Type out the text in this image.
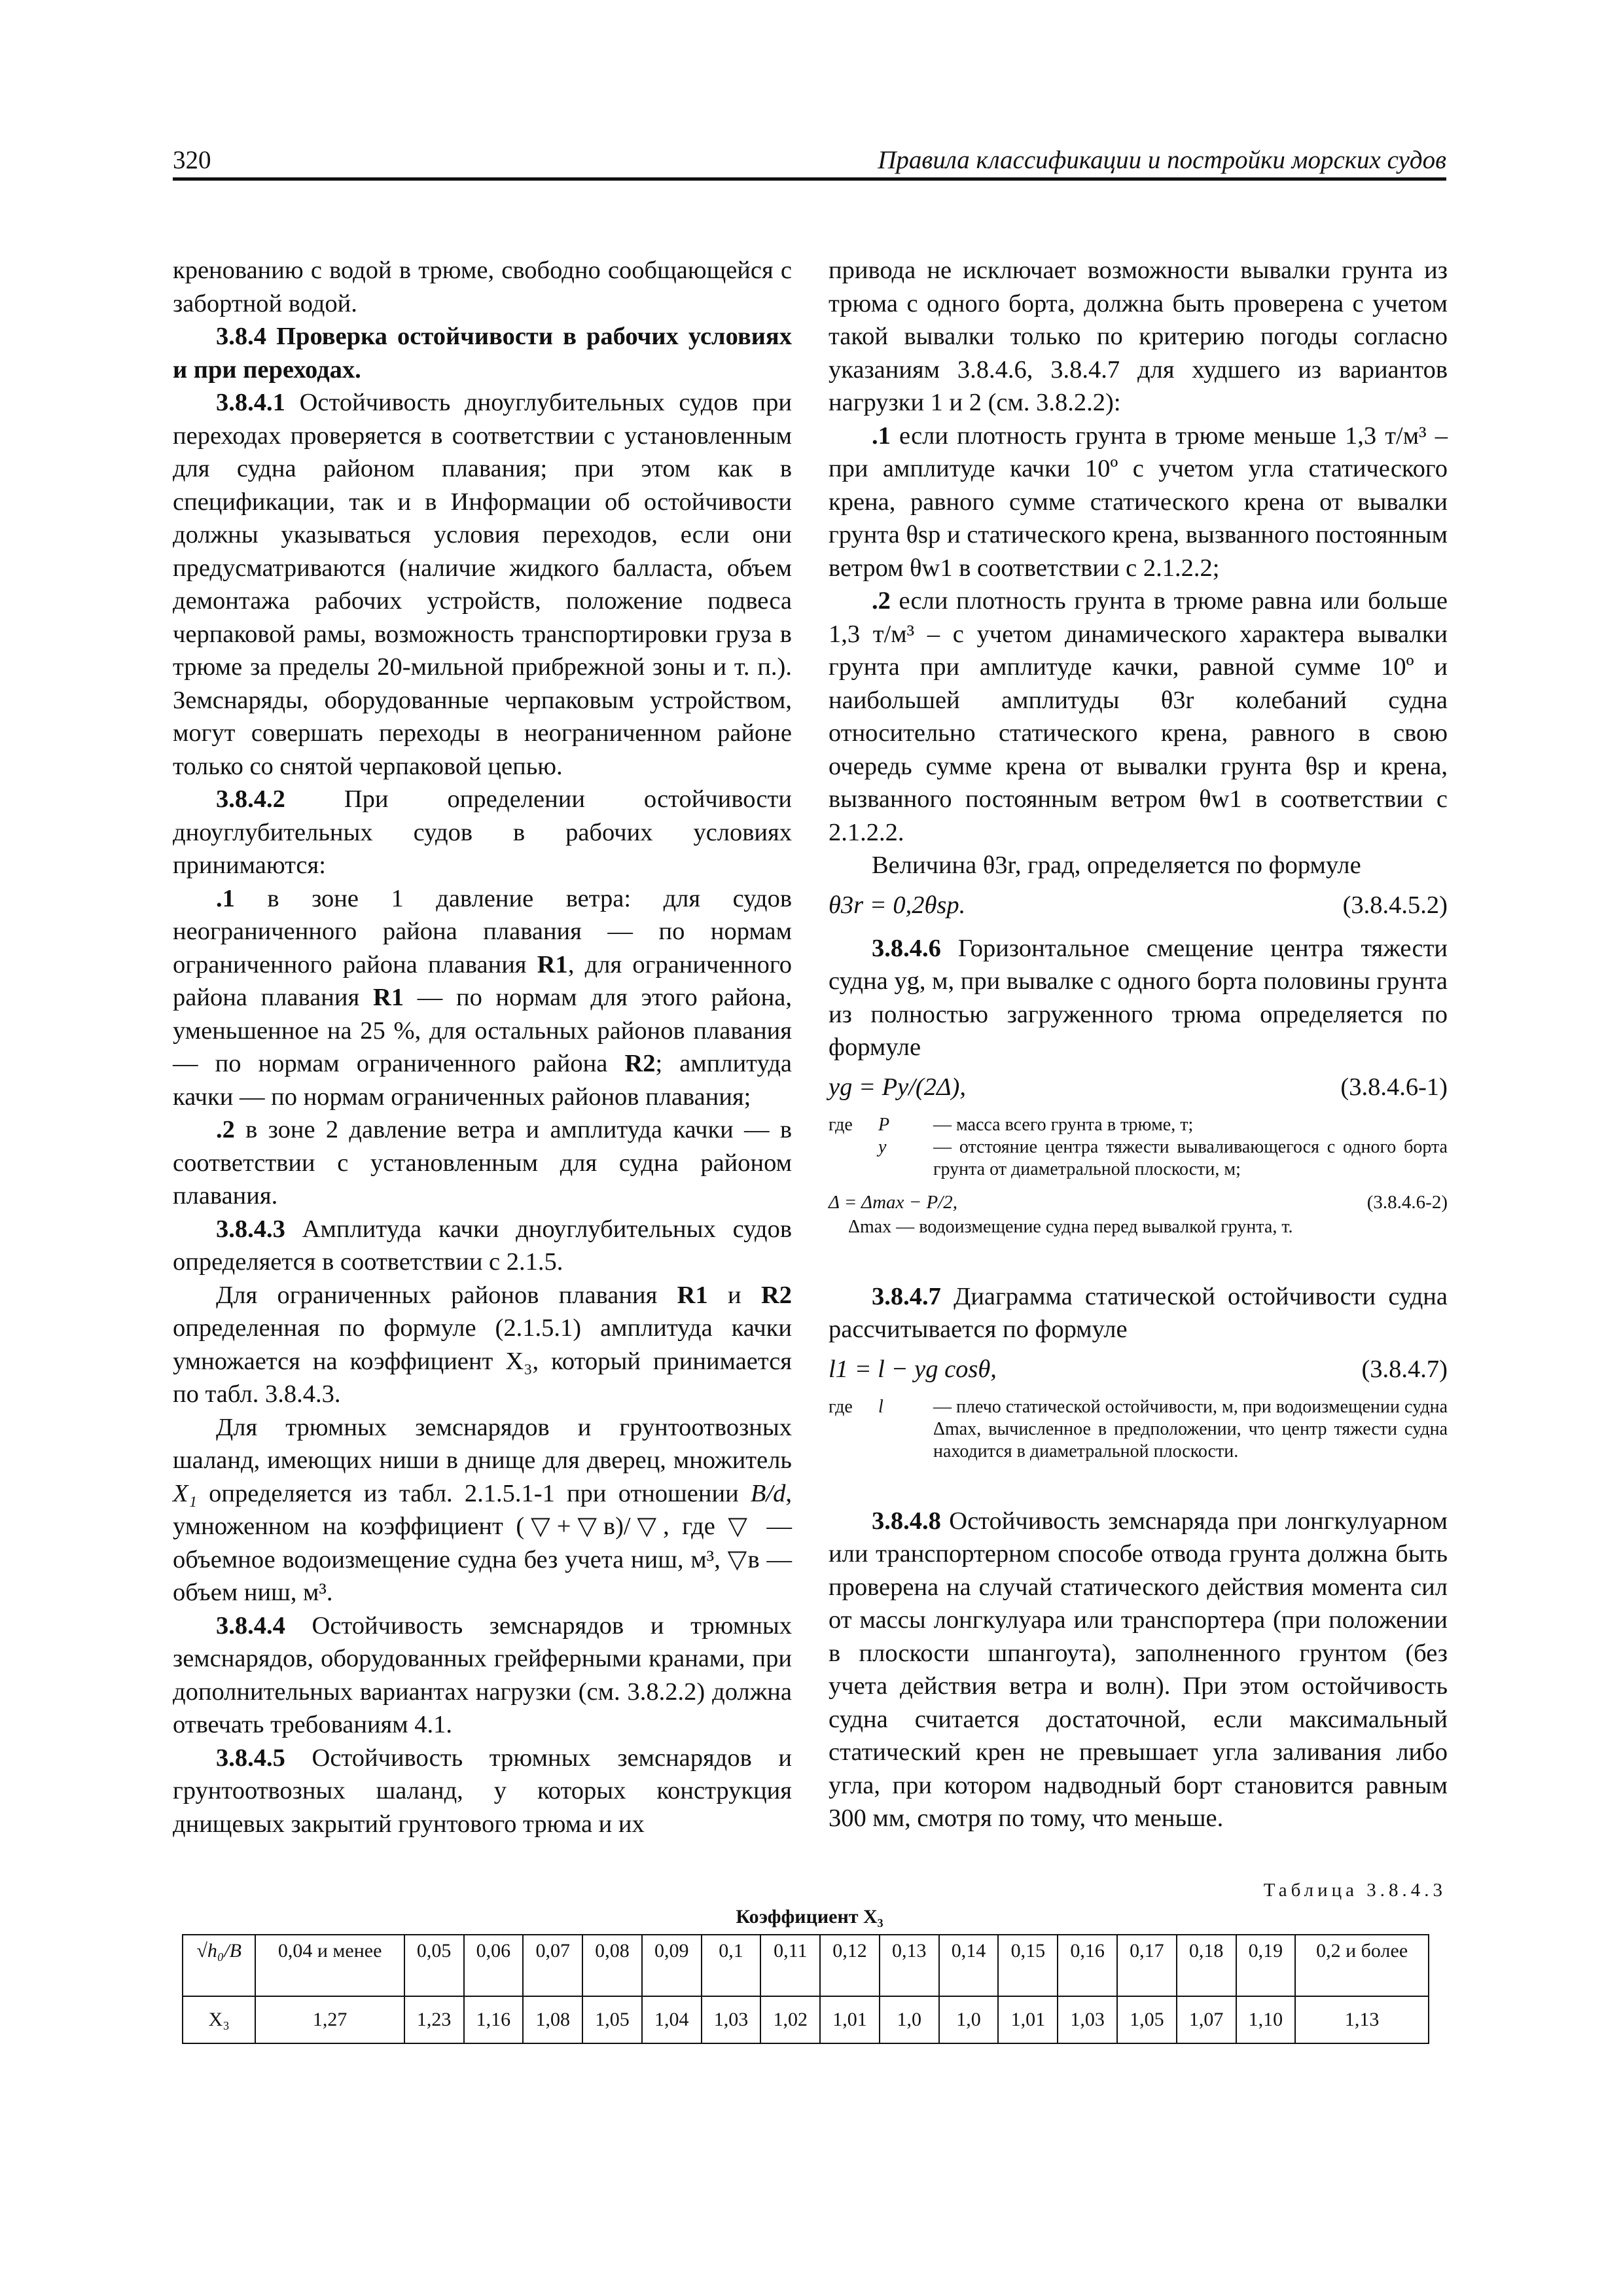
320	Правила классификации и постройки морских судов

кренованию с водой в трюме, свободно сообщающейся с забортной водой.

3.8.4 Проверка остойчивости в рабочих условиях и при переходах.

3.8.4.1 Остойчивость дноуглубительных судов при переходах проверяется в соответствии с установленным для судна районом плавания; при этом как в спецификации, так и в Информации об остойчивости должны указываться условия переходов, если они предусматриваются (наличие жидкого балласта, объем демонтажа рабочих устройств, положение подвеса черпаковой рамы, возможность транспортировки груза в трюме за пределы 20-мильной прибрежной зоны и т. п.). Земснаряды, оборудованные черпаковым устройством, могут совершать переходы в неограниченном районе только со снятой черпаковой цепью.

3.8.4.2 При определении остойчивости дноуглубительных судов в рабочих условиях принимаются:

.1 в зоне 1 давление ветра: для судов неограниченного района плавания — по нормам ограниченного района плавания R1, для ограниченного района плавания R1 — по нормам для этого района, уменьшенное на 25 %, для остальных районов плавания — по нормам ограниченного района R2; амплитуда качки — по нормам ограниченных районов плавания;

.2 в зоне 2 давление ветра и амплитуда качки — в соответствии с установленным для судна районом плавания.

3.8.4.3 Амплитуда качки дноуглубительных судов определяется в соответствии с 2.1.5.

Для ограниченных районов плавания R1 и R2 определенная по формуле (2.1.5.1) амплитуда качки умножается на коэффициент X₃, который принимается по табл. 3.8.4.3.

Для трюмных земснарядов и грунтоотвозных шаланд, имеющих ниши в днище для дверец, множитель X₁ определяется из табл. 2.1.5.1-1 при отношении B/d, умноженном на коэффициент (▽+▽в)/▽, где ▽ — объемное водоизмещение судна без учета ниш, м³, ▽в — объем ниш, м³.

3.8.4.4 Остойчивость земснарядов и трюмных земснарядов, оборудованных грейферными кранами, при дополнительных вариантах нагрузки (см. 3.8.2.2) должна отвечать требованиям 4.1.

3.8.4.5 Остойчивость трюмных земснарядов и грунтоотвозных шаланд, у которых конструкция днищевых закрытий грунтового трюма и их

привода не исключает возможности вывалки грунта из трюма с одного борта, должна быть проверена с учетом такой вывалки только по критерию погоды согласно указаниям 3.8.4.6, 3.8.4.7 для худшего из вариантов нагрузки 1 и 2 (см. 3.8.2.2):

.1 если плотность грунта в трюме меньше 1,3 т/м³ – при амплитуде качки 10º с учетом угла статического крена, равного сумме статического крена от вывалки грунта θsp и статического крена, вызванного постоянным ветром θw1 в соответствии с 2.1.2.2;

.2 если плотность грунта в трюме равна или больше 1,3 т/м³ – с учетом динамического характера вывалки грунта при амплитуде качки, равной сумме 10º и наибольшей амплитуды θ3r колебаний судна относительно статического крена, равного в свою очередь сумме крена от вывалки грунта θsp и крена, вызванного постоянным ветром θw1 в соответствии с 2.1.2.2.

Величина θ3r, град, определяется по формуле

θ3r = 0,2θsp.	(3.8.4.5.2)

3.8.4.6 Горизонтальное смещение центра тяжести судна yg, м, при вывалке с одного борта половины грунта из полностью загруженного трюма определяется по формуле

yg = Py/(2Δ),	(3.8.4.6-1)
где P — масса всего грунта в трюме, т;
y	— отстояние центра тяжести вываливающегося с одного борта грунта от диаметральной плоскости, м;
Δ = Δmax − P/2,	(3.8.4.6-2)
Δmax — водоизмещение судна перед вывалкой грунта, т.

3.8.4.7 Диаграмма статической остойчивости судна рассчитывается по формуле

l1 = l − yg cosθ,	(3.8.4.7)
где l	— плечо статической остойчивости, м, при водоизмещении судна Δmax, вычисленное в предположении, что центр тяжести судна находится в диаметральной плоскости.

3.8.4.8 Остойчивость земснаряда при лонгкулуарном или транспортерном способе отвода грунта должна быть проверена на случай статического действия момента сил от массы лонгкулуара или транспортера (при положении в плоскости шпангоута), заполненного грунтом (без учета действия ветра и волн). При этом остойчивость судна считается достаточной, если максимальный статический крен не превышает угла заливания либо угла, при котором надводный борт становится равным 300 мм, смотря по тому, что меньше.

Таблица 3.8.4.3
Коэффициент X₃
√h₀/B	0,04 и менее	0,05	0,06	0,07	0,08	0,09	0,1	0,11	0,12	0,13	0,14	0,15	0,16	0,17	0,18	0,19	0,2 и более
X₃	1,27	1,23	1,16	1,08	1,05	1,04	1,03	1,02	1,01	1,0	1,0	1,01	1,03	1,05	1,07	1,10	1,13
